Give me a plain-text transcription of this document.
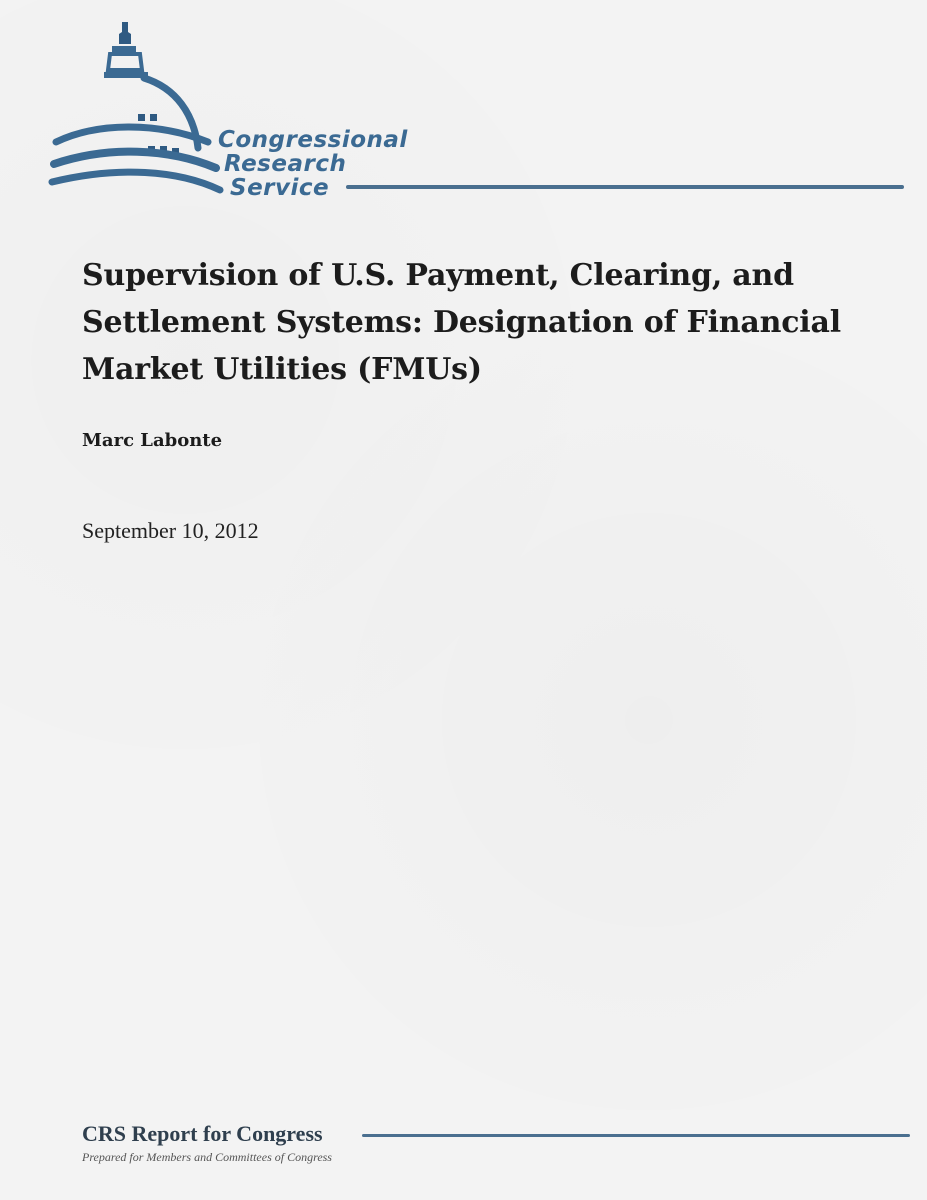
Congressional
Research
Service
Supervision of U.S. Payment, Clearing, and
Settlement Systems: Designation of Financial
Market Utilities (FMUs)
Marc Labonte
September 10, 2012
CRS Report for Congress
Prepared for Members and Committees of Congress
